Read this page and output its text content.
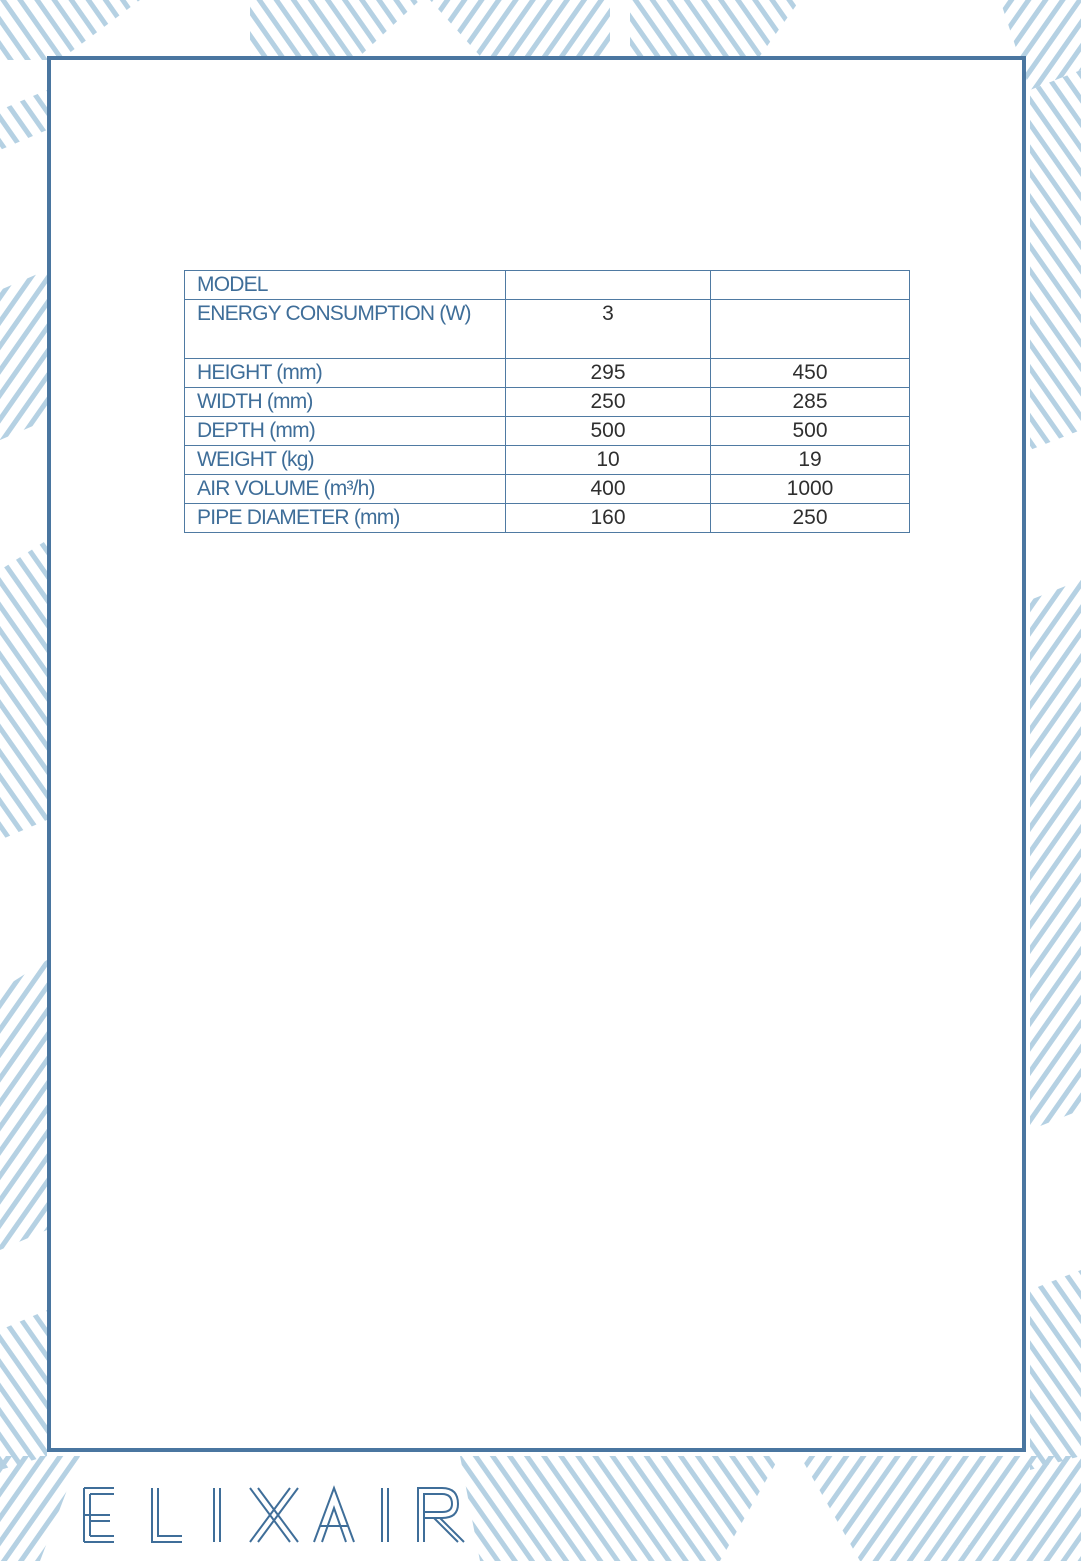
MODEL		
ENERGY CONSUMPTION (W)	3	
HEIGHT (mm)	295	450
WIDTH (mm)	250	285
DEPTH (mm)	500	500
WEIGHT (kg)	10	19
AIR VOLUME (m³/h)	400	1000
PIPE DIAMETER (mm)	160	250
